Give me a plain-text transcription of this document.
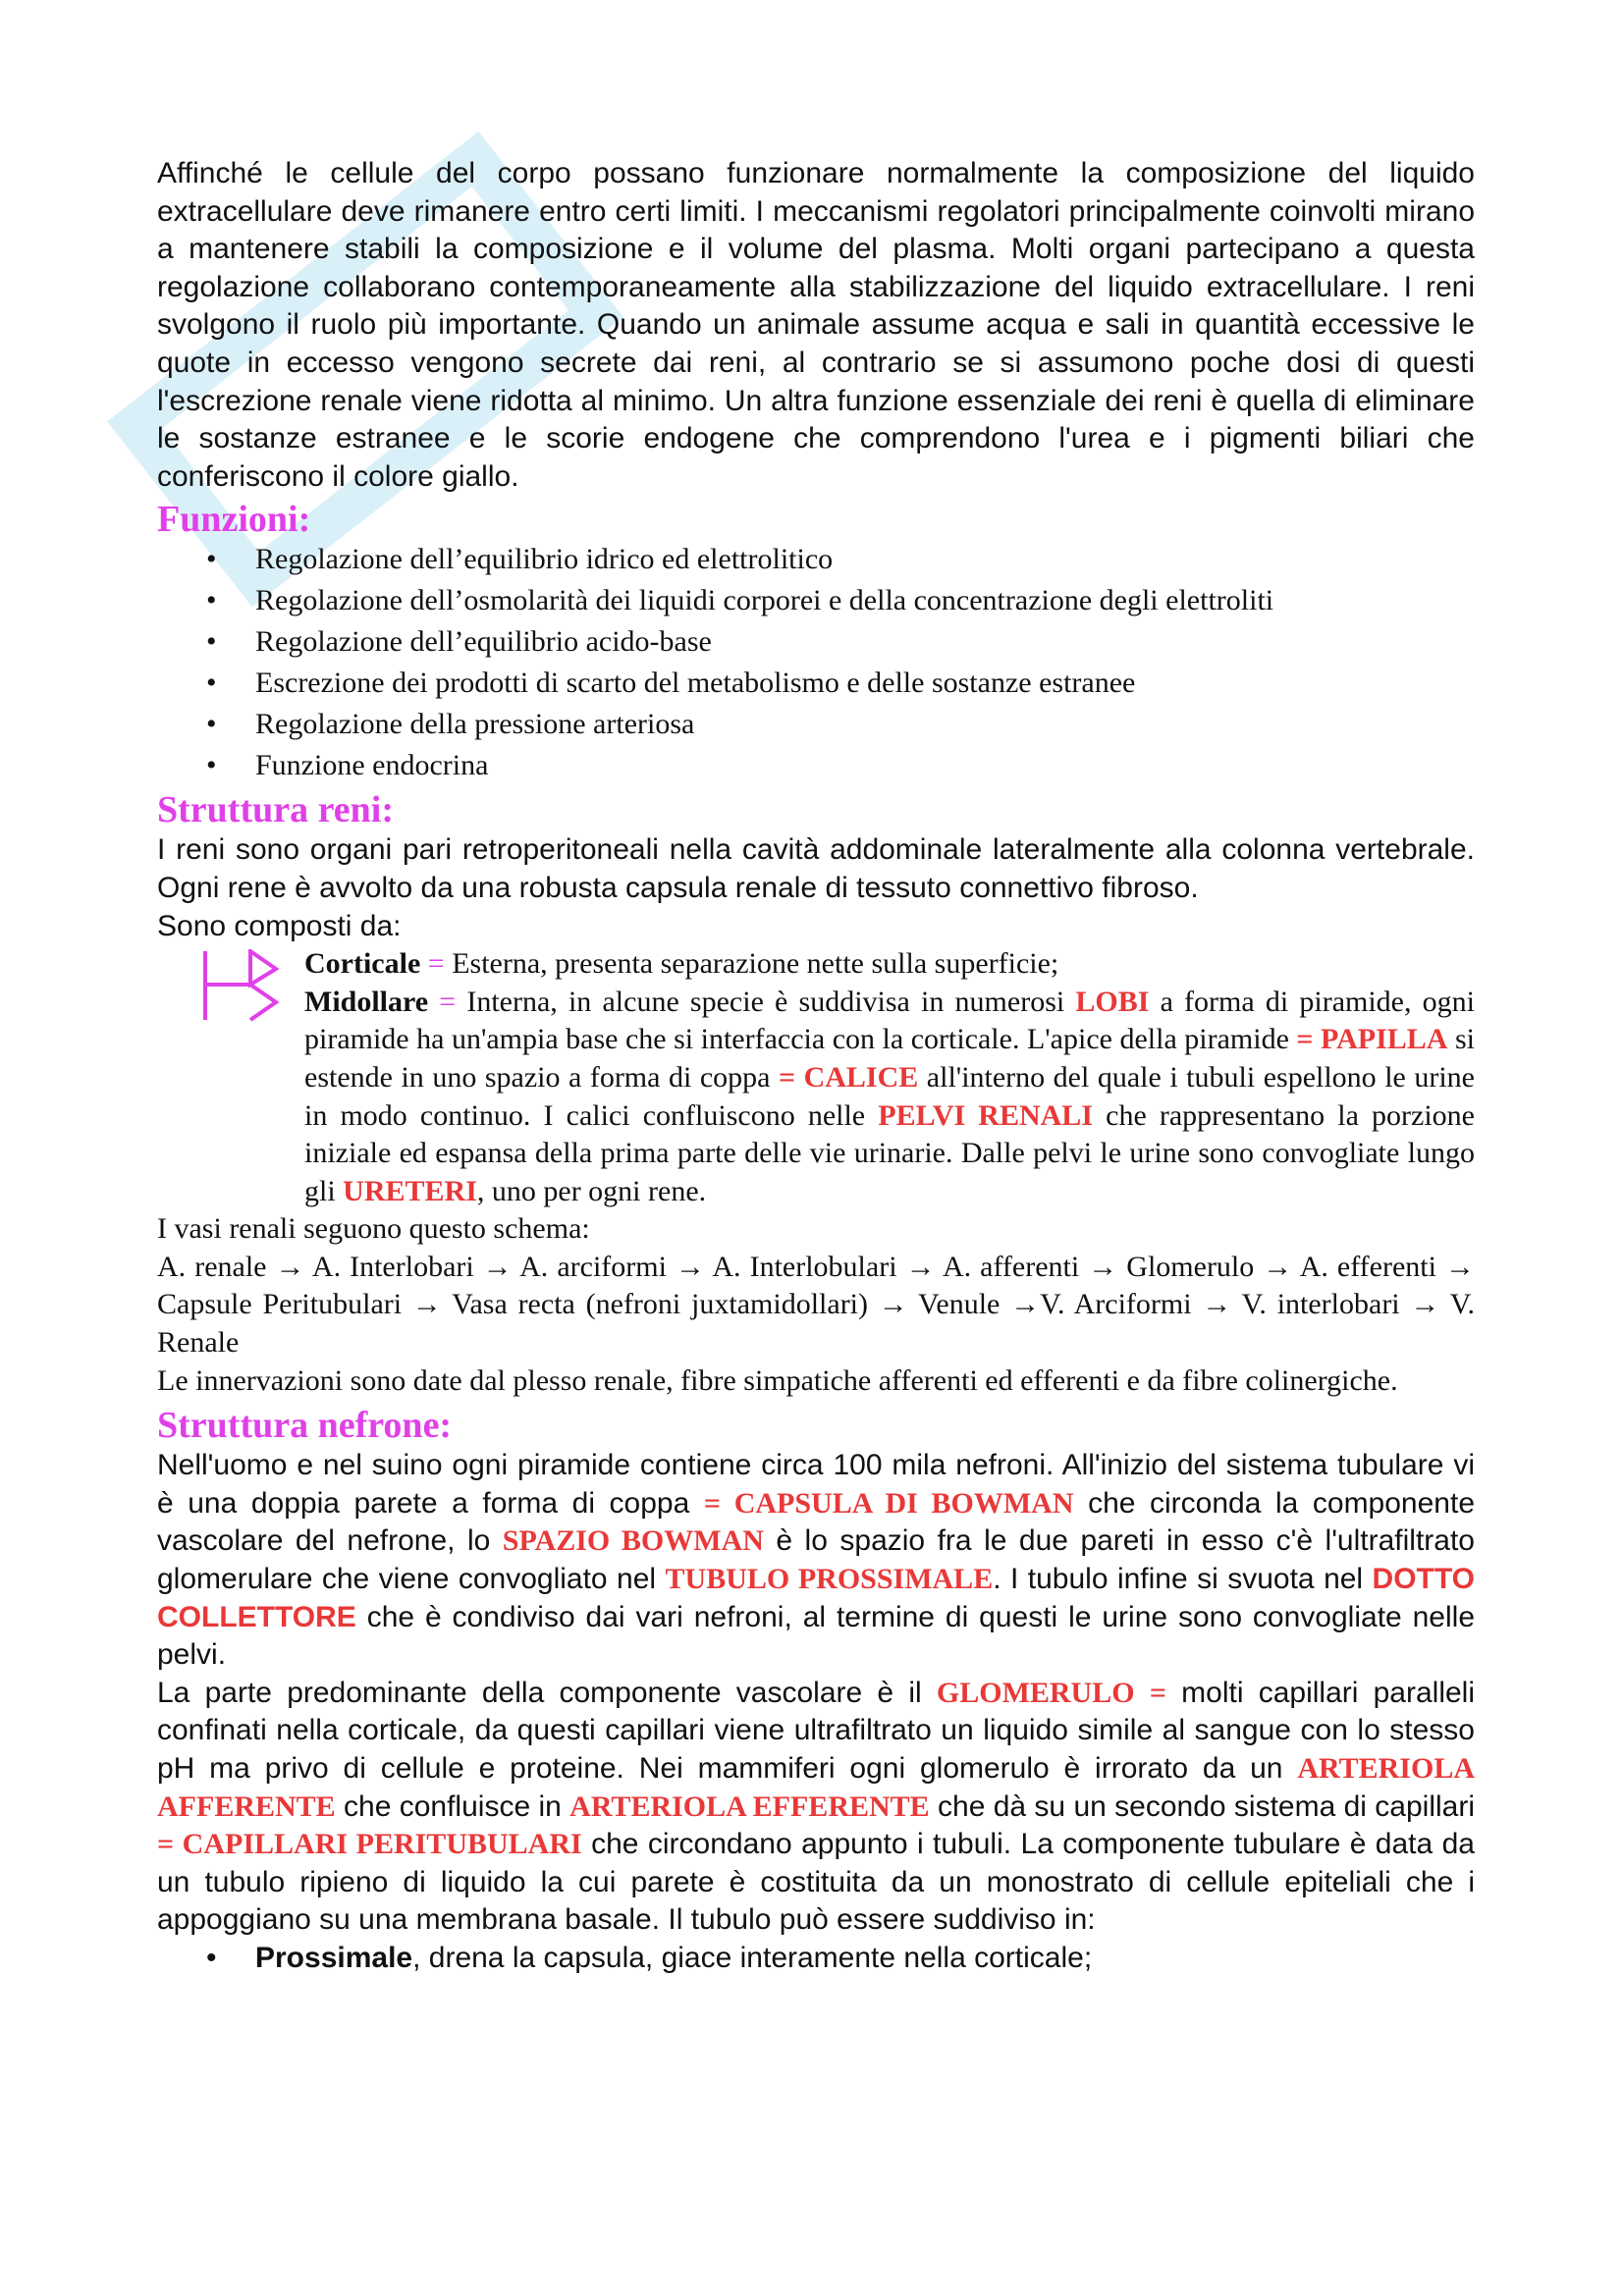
Affinché le cellule del corpo possano funzionare normalmente la composizione del liquido extracellulare deve rimanere entro certi limiti. I meccanismi regolatori principalmente coinvolti mirano a mantenere stabili la composizione e il volume del plasma. Molti organi partecipano a questa regolazione collaborano contemporaneamente alla stabilizzazione del liquido extracellulare. I reni svolgono il ruolo più importante. Quando un animale assume acqua e sali in quantità eccessive le quote in eccesso vengono secrete dai reni, al contrario se si assumono poche dosi di questi l'escrezione renale viene ridotta al minimo. Un altra funzione essenziale dei reni è quella di eliminare le sostanze estranee e le scorie endogene che comprendono l'urea e i pigmenti biliari che conferiscono il colore giallo.

Funzioni:
• Regolazione dell’equilibrio idrico ed elettrolitico
• Regolazione dell’osmolarità dei liquidi corporei e della concentrazione degli elettroliti
• Regolazione dell’equilibrio acido-base
• Escrezione dei prodotti di scarto del metabolismo e delle sostanze estranee
• Regolazione della pressione arteriosa
• Funzione endocrina
Struttura reni:

I reni sono organi pari retroperitoneali nella cavità addominale lateralmente alla colonna vertebrale. Ogni rene è avvolto da una robusta capsula renale di tessuto connettivo fibroso.

Sono composti da:

Corticale = Esterna, presenta separazione nette sulla superficie;

Midollare = Interna, in alcune specie è suddivisa in numerosi LOBI a forma di piramide, ogni piramide ha un'ampia base che si interfaccia con la corticale. L'apice della piramide = PAPILLA si estende in uno spazio a forma di coppa = CALICE all'interno del quale i tubuli espellono le urine in modo continuo. I calici confluiscono nelle PELVI RENALI che rappresentano la porzione iniziale ed espansa della prima parte delle vie urinarie. Dalle pelvi le urine sono convogliate lungo gli URETERI, uno per ogni rene.

I vasi renali seguono questo schema:

A. renale → A. Interlobari → A. arciformi → A. Interlobulari → A. afferenti → Glomerulo → A. efferenti → Capsule Peritubulari → Vasa recta (nefroni juxtamidollari) → Venule →V. Arciformi → V. interlobari → V. Renale

Le innervazioni sono date dal plesso renale, fibre simpatiche afferenti ed efferenti e da fibre colinergiche.

Struttura nefrone:

Nell'uomo e nel suino ogni piramide contiene circa 100 mila nefroni. All'inizio del sistema tubulare vi è una doppia parete a forma di coppa = CAPSULA DI BOWMAN che circonda la componente vascolare del nefrone, lo SPAZIO BOWMAN è lo spazio fra le due pareti in esso c'è l'ultrafiltrato glomerulare che viene convogliato nel TUBULO PROSSIMALE. I tubulo infine si svuota nel DOTTO COLLETTORE che è condiviso dai vari nefroni, al termine di questi le urine sono convogliate nelle pelvi.

La parte predominante della componente vascolare è il GLOMERULO = molti capillari paralleli confinati nella corticale, da questi capillari viene ultrafiltrato un liquido simile al sangue con lo stesso pH ma privo di cellule e proteine. Nei mammiferi ogni glomerulo è irrorato da un ARTERIOLA AFFERENTE che confluisce in ARTERIOLA EFFERENTE che dà su un secondo sistema di capillari = CAPILLARI PERITUBULARI che circondano appunto i tubuli. La componente tubulare è data da un tubulo ripieno di liquido la cui parete è costituita da un monostrato di cellule epiteliali che i appoggiano su una membrana basale. Il tubulo può essere suddiviso in:

• Prossimale, drena la capsula, giace interamente nella corticale;
